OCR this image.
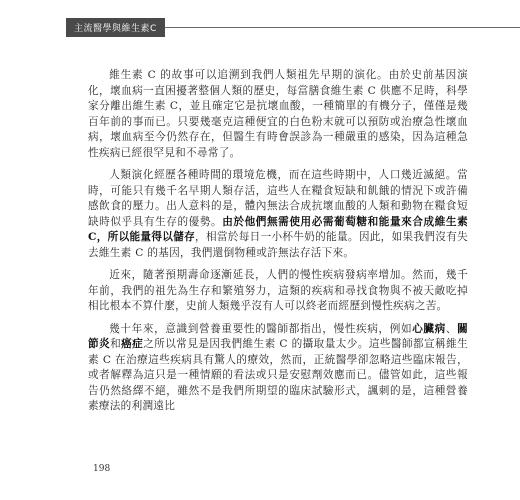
主流醫學與維生素C

維生素 C 的故事可以追溯到我們人類祖先早期的演化。由於史前基因演化，壞血病一直困擾著整個人類的歷史，每當膳食維生素 C 供應不足時，科學家分離出維生素 C，並且確定它是抗壞血酸，一種簡單的有機分子，僅僅是幾百年前的事而已。只要幾毫克這種便宜的白色粉末就可以預防或治療急性壞血病，壞血病至今仍然存在，但醫生有時會誤診為一種嚴重的感染，因為這種急性疾病已經很罕見和不尋常了。

人類演化經歷各種時間的環境危機，而在這些時期中，人口幾近滅絕。當時，可能只有幾千名早期人類存活，這些人在糧食短缺和飢餓的情況下或許備感飲食的壓力。出人意料的是，體內無法合成抗壞血酸的人類和動物在糧食短缺時似乎具有生存的優勢。由於他們無需使用必需葡萄糖和能量來合成維生素 C，所以能量得以儲存，相當於每日一小杯牛奶的能量。因此，如果我們沒有失去維生素 C 的基因，我們還倒物種或許無法存活下來。

近來，隨著預期壽命逐漸延長，人們的慢性疾病發病率增加。然而，幾千年前，我們的祖先為生存和繁殖努力，這類的疾病和尋找食物與不被天敵吃掉相比根本不算什麼，史前人類幾乎沒有人可以終老而經歷到慢性疾病之苦。

幾十年來，意識到營養重要性的醫師都指出，慢性疾病，例如心臟病、關節炎和癌症之所以常見是因我們維生素 C 的攝取量太少。這些醫師都宣稱維生素 C 在治療這些疾病具有驚人的療效，然而，正統醫學卻忽略這些臨床報告，或者解釋為這只是一種情願的看法或只是安慰劑效應而已。儘管如此，這些報告仍然絡繹不絕，雖然不是我們所期望的臨床試驗形式，諷刺的是，這種營養素療法的利潤遠比

198
